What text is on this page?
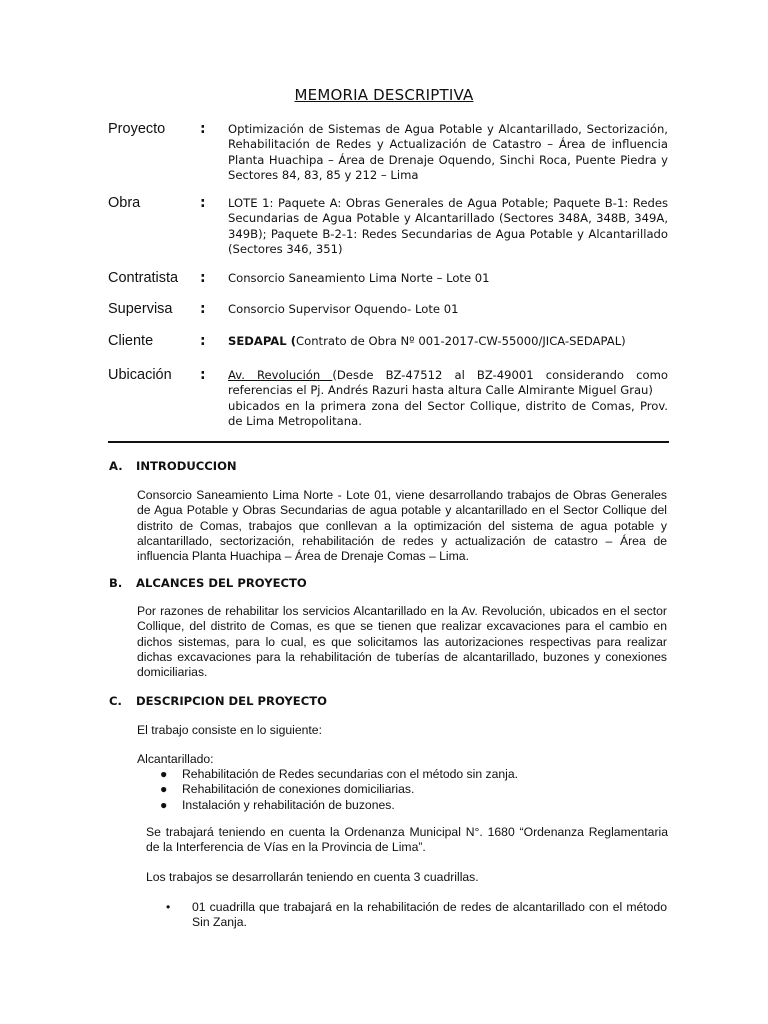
MEMORIA DESCRIPTIVA
Proyecto : Optimización de Sistemas de Agua Potable y Alcantarillado, Sectorización, Rehabilitación de Redes y Actualización de Catastro – Área de influencia Planta Huachipa – Área de Drenaje Oquendo, Sinchi Roca, Puente Piedra y Sectores 84, 83, 85 y 212 – Lima
Obra	: LOTE 1: Paquete A: Obras Generales de Agua Potable; Paquete B-1: Redes Secundarias de Agua Potable y Alcantarillado (Sectores 348A, 348B, 349A, 349B); Paquete B-2-1: Redes Secundarias de Agua Potable y Alcantarillado (Sectores 346, 351)
Contratista : Consorcio Saneamiento Lima Norte – Lote 01
Supervisa : Consorcio Supervisor Oquendo- Lote 01
Cliente	: SEDAPAL (Contrato de Obra Nº 001-2017-CW-55000/JICA-SEDAPAL)
Ubicación : Av. Revolución (Desde BZ-47512 al BZ-49001 considerando como referencias el Pj. Andrés Razuri hasta altura Calle Almirante Miguel Grau)
ubicados en la primera zona del Sector Collique, distrito de Comas, Prov. de Lima Metropolitana.
A. INTRODUCCION
Consorcio Saneamiento Lima Norte - Lote 01, viene desarrollando trabajos de Obras Generales de Agua Potable y Obras Secundarias de agua potable y alcantarillado en el Sector Collique del distrito de Comas, trabajos que conllevan a la optimización del sistema de agua potable y alcantarillado, sectorización, rehabilitación de redes y actualización de catastro – Área de influencia Planta Huachipa – Área de Drenaje Comas – Lima.
B. ALCANCES DEL PROYECTO
Por razones de rehabilitar los servicios Alcantarillado en la Av. Revolución, ubicados en el sector Collique, del distrito de Comas, es que se tienen que realizar excavaciones para el cambio en dichos sistemas, para lo cual, es que solicitamos las autorizaciones respectivas para realizar dichas excavaciones para la rehabilitación de tuberías de alcantarillado, buzones y conexiones domiciliarias.
C. DESCRIPCION DEL PROYECTO
El trabajo consiste en lo siguiente:
Alcantarillado:
● Rehabilitación de Redes secundarias con el método sin zanja.
● Rehabilitación de conexiones domiciliarias.
● Instalación y rehabilitación de buzones.
Se trabajará teniendo en cuenta la Ordenanza Municipal N°. 1680 “Ordenanza Reglamentaria de la Interferencia de Vías en la Provincia de Lima”.
Los trabajos se desarrollarán teniendo en cuenta 3 cuadrillas.
• 01 cuadrilla que trabajará en la rehabilitación de redes de alcantarillado con el método Sin Zanja.
